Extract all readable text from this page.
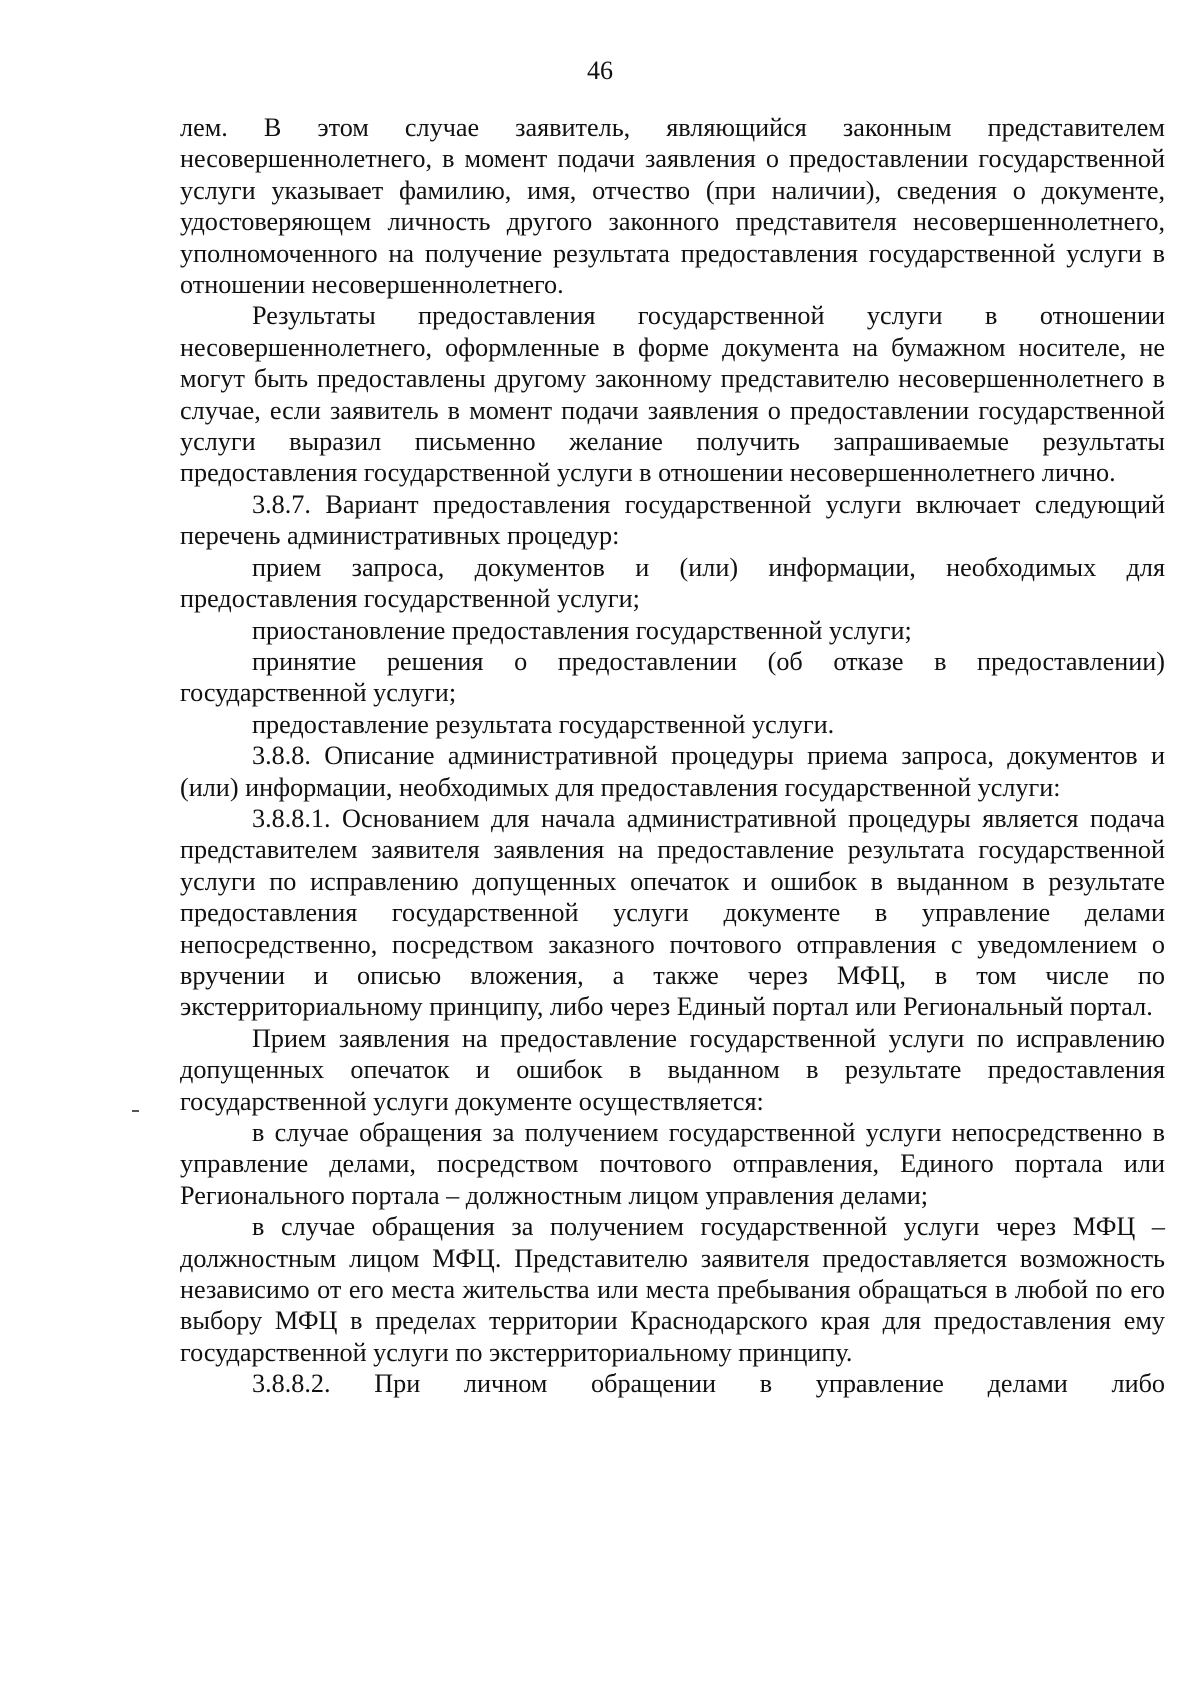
46

лем. В этом случае заявитель, являющийся законным представителем несовершеннолетнего, в момент подачи заявления о предоставлении государственной услуги указывает фамилию, имя, отчество (при наличии), сведения о документе, удостоверяющем личность другого законного представителя несовершеннолетнего, уполномоченного на получение результата предоставления государственной услуги в отношении несовершеннолетнего.

Результаты предоставления государственной услуги в отношении несовершеннолетнего, оформленные в форме документа на бумажном носителе, не могут быть предоставлены другому законному представителю несовершеннолетнего в случае, если заявитель в момент подачи заявления о предоставлении государственной услуги выразил письменно желание получить запрашиваемые результаты предоставления государственной услуги в отношении несовершеннолетнего лично.

3.8.7. Вариант предоставления государственной услуги включает следующий перечень административных процедур:

прием запроса, документов и (или) информации, необходимых для предоставления государственной услуги;

приостановление предоставления государственной услуги;

принятие решения о предоставлении (об отказе в предоставлении) государственной услуги;

предоставление результата государственной услуги.

3.8.8. Описание административной процедуры приема запроса, документов и (или) информации, необходимых для предоставления государственной услуги:

3.8.8.1. Основанием для начала административной процедуры является подача представителем заявителя заявления на предоставление результата государственной услуги по исправлению допущенных опечаток и ошибок в выданном в результате предоставления государственной услуги документе в управление делами непосредственно, посредством заказного почтового отправления с уведомлением о вручении и описью вложения, а также через МФЦ, в том числе по экстерриториальному принципу, либо через Единый портал или Региональный портал.

Прием заявления на предоставление государственной услуги по исправлению допущенных опечаток и ошибок в выданном в результате предоставления государственной услуги документе осуществляется:

в случае обращения за получением государственной услуги непосредственно в управление делами, посредством почтового отправления, Единого портала или Регионального портала – должностным лицом управления делами;

в случае обращения за получением государственной услуги через МФЦ – должностным лицом МФЦ. Представителю заявителя предоставляется возможность независимо от его места жительства или места пребывания обращаться в любой по его выбору МФЦ в пределах территории Краснодарского края для предоставления ему государственной услуги по экстерриториальному принципу.

3.8.8.2. При личном обращении в управление делами либо
